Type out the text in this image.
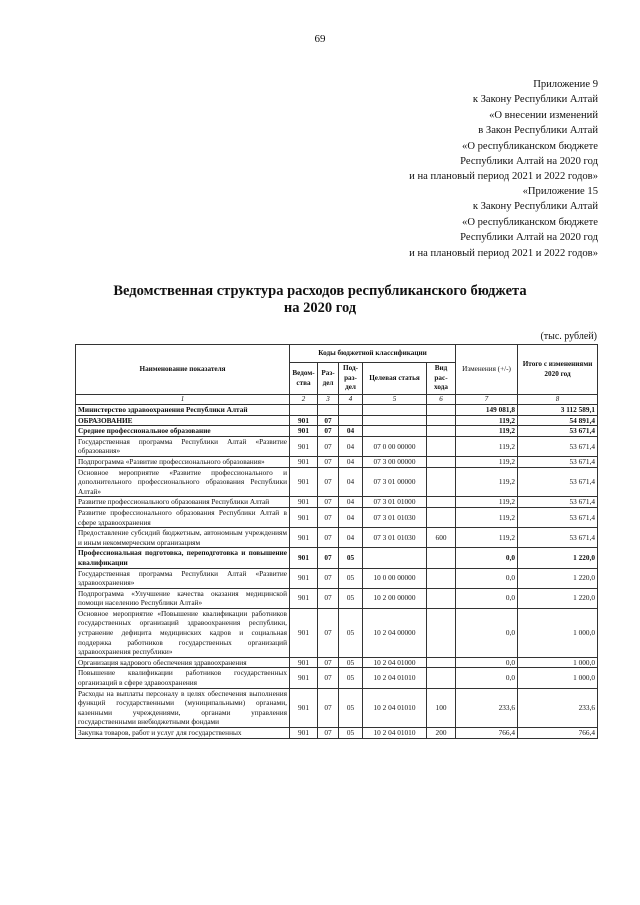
69
Приложение 9
к Закону Республики Алтай
«О внесении изменений
в Закон Республики Алтай
«О республиканском бюджете
Республики Алтай на 2020 год
и на плановый период 2021 и 2022 годов»
«Приложение 15
к Закону Республики Алтай
«О республиканском бюджете
Республики Алтай на 2020 год
и на плановый период 2021 и 2022 годов»
Ведомственная структура расходов республиканского бюджета
на 2020 год
(тыс. рублей)
Наименование показателя	Коды бюджетной классификации					Изменения (+/-)	Итого с изменениями 2020 год
	Ведом-ства	Раз-дел	Под-раз-дел	Целевая статья	Вид рас-хода		
1	2	3	4	5	6	7	8
Министерство здравоохранения Республики Алтай						149 081,8	3 112 589,1
ОБРАЗОВАНИЕ	901	07				119,2	54 891,4
Среднее профессиональное образование	901	07	04			119,2	53 671,4
Государственная программа Республики Алтай «Развитие образования»	901	07	04	07 0 00 00000		119,2	53 671,4
Подпрограмма «Развитие профессионального образования»	901	07	04	07 3 00 00000		119,2	53 671,4
Основное мероприятие «Развитие профессионального и дополнительного профессионального образования Республики Алтай»	901	07	04	07 3 01 00000		119,2	53 671,4
Развитие профессионального образования Республики Алтай	901	07	04	07 3 01 01000		119,2	53 671,4
Развитие профессионального образования Республики Алтай в сфере здравоохранения	901	07	04	07 3 01 01030		119,2	53 671,4
Предоставление субсидий бюджетным, автономным учреждениям и иным некоммерческим организациям	901	07	04	07 3 01 01030	600	119,2	53 671,4
Профессиональная подготовка, переподготовка и повышение квалификации	901	07	05			0,0	1 220,0
Государственная программа Республики Алтай «Развитие здравоохранения»	901	07	05	10 0 00 00000		0,0	1 220,0
Подпрограмма «Улучшение качества оказания медицинской помощи населению Республики Алтай»	901	07	05	10 2 00 00000		0,0	1 220,0
Основное мероприятие «Повышение квалификации работников государственных организаций здравоохранения республики, устранение дефицита медицинских кадров и социальная поддержка работников государственных организаций здравоохранения республики»	901	07	05	10 2 04 00000		0,0	1 000,0
Организация кадрового обеспечения здравоохранения	901	07	05	10 2 04 01000		0,0	1 000,0
Повышение квалификации работников государственных организаций в сфере здравоохранения	901	07	05	10 2 04 01010		0,0	1 000,0
Расходы на выплаты персоналу в целях обеспечения выполнения функций государственными (муниципальными) органами, казенными учреждениями, органами управления государственными внебюджетными фондами	901	07	05	10 2 04 01010	100	233,6	233,6
Закупка товаров, работ и услуг для государственных	901	07	05	10 2 04 01010	200	766,4	766,4
